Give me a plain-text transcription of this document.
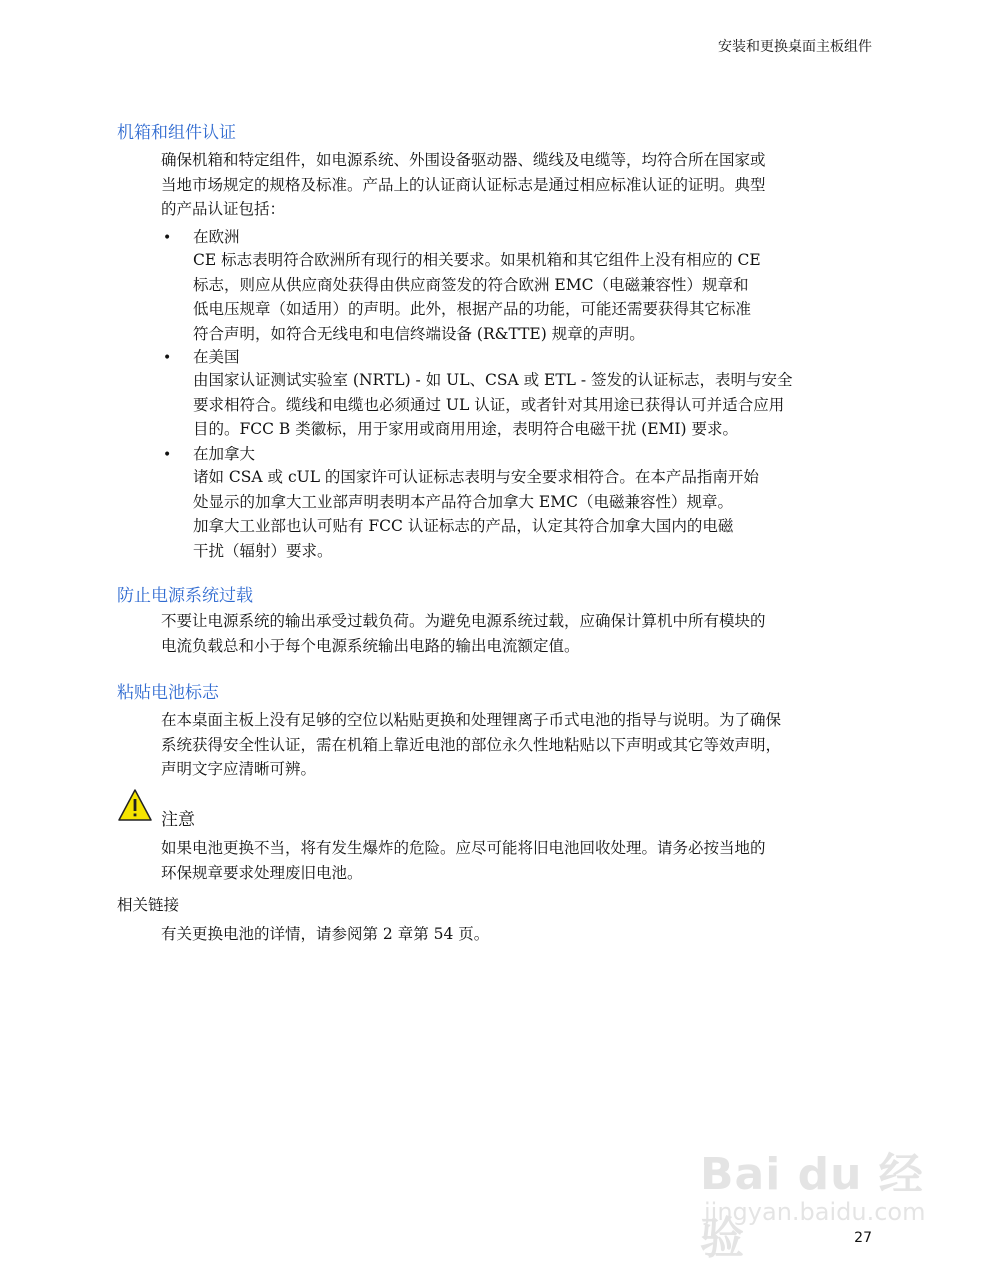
安装和更换桌面主板组件
机箱和组件认证
确保机箱和特定组件，如电源系统、外围设备驱动器、缆线及电缆等，均符合所在国家或
当地市场规定的规格及标准。产品上的认证商认证标志是通过相应标准认证的证明。典型
的产品认证包括：
• 在欧洲
CE 标志表明符合欧洲所有现行的相关要求。如果机箱和其它组件上没有相应的 CE
标志，则应从供应商处获得由供应商签发的符合欧洲 EMC（电磁兼容性）规章和
低电压规章（如适用）的声明。此外，根据产品的功能，可能还需要获得其它标准
符合声明，如符合无线电和电信终端设备 (R&TTE) 规章的声明。
• 在美国
由国家认证测试实验室 (NRTL) - 如 UL、CSA 或 ETL - 签发的认证标志，表明与安全
要求相符合。缆线和电缆也必须通过 UL 认证，或者针对其用途已获得认可并适合应用
目的。FCC B 类徽标，用于家用或商用用途，表明符合电磁干扰 (EMI) 要求。
• 在加拿大
诸如 CSA 或 cUL 的国家许可认证标志表明与安全要求相符合。在本产品指南开始
处显示的加拿大工业部声明表明本产品符合加拿大 EMC（电磁兼容性）规章。
加拿大工业部也认可贴有 FCC 认证标志的产品，认定其符合加拿大国内的电磁
干扰（辐射）要求。
防止电源系统过载
不要让电源系统的输出承受过载负荷。为避免电源系统过载，应确保计算机中所有模块的
电流负载总和小于每个电源系统输出电路的输出电流额定值。
粘贴电池标志
在本桌面主板上没有足够的空位以粘贴更换和处理锂离子币式电池的指导与说明。为了确保
系统获得安全性认证，需在机箱上靠近电池的部位永久性地粘贴以下声明或其它等效声明，
声明文字应清晰可辨。
注意
如果电池更换不当，将有发生爆炸的危险。应尽可能将旧电池回收处理。请务必按当地的
环保规章要求处理废旧电池。
相关链接
有关更换电池的详情，请参阅第 2 章第 54 页。
Bai du 经验
jingyan.baidu.com
27
